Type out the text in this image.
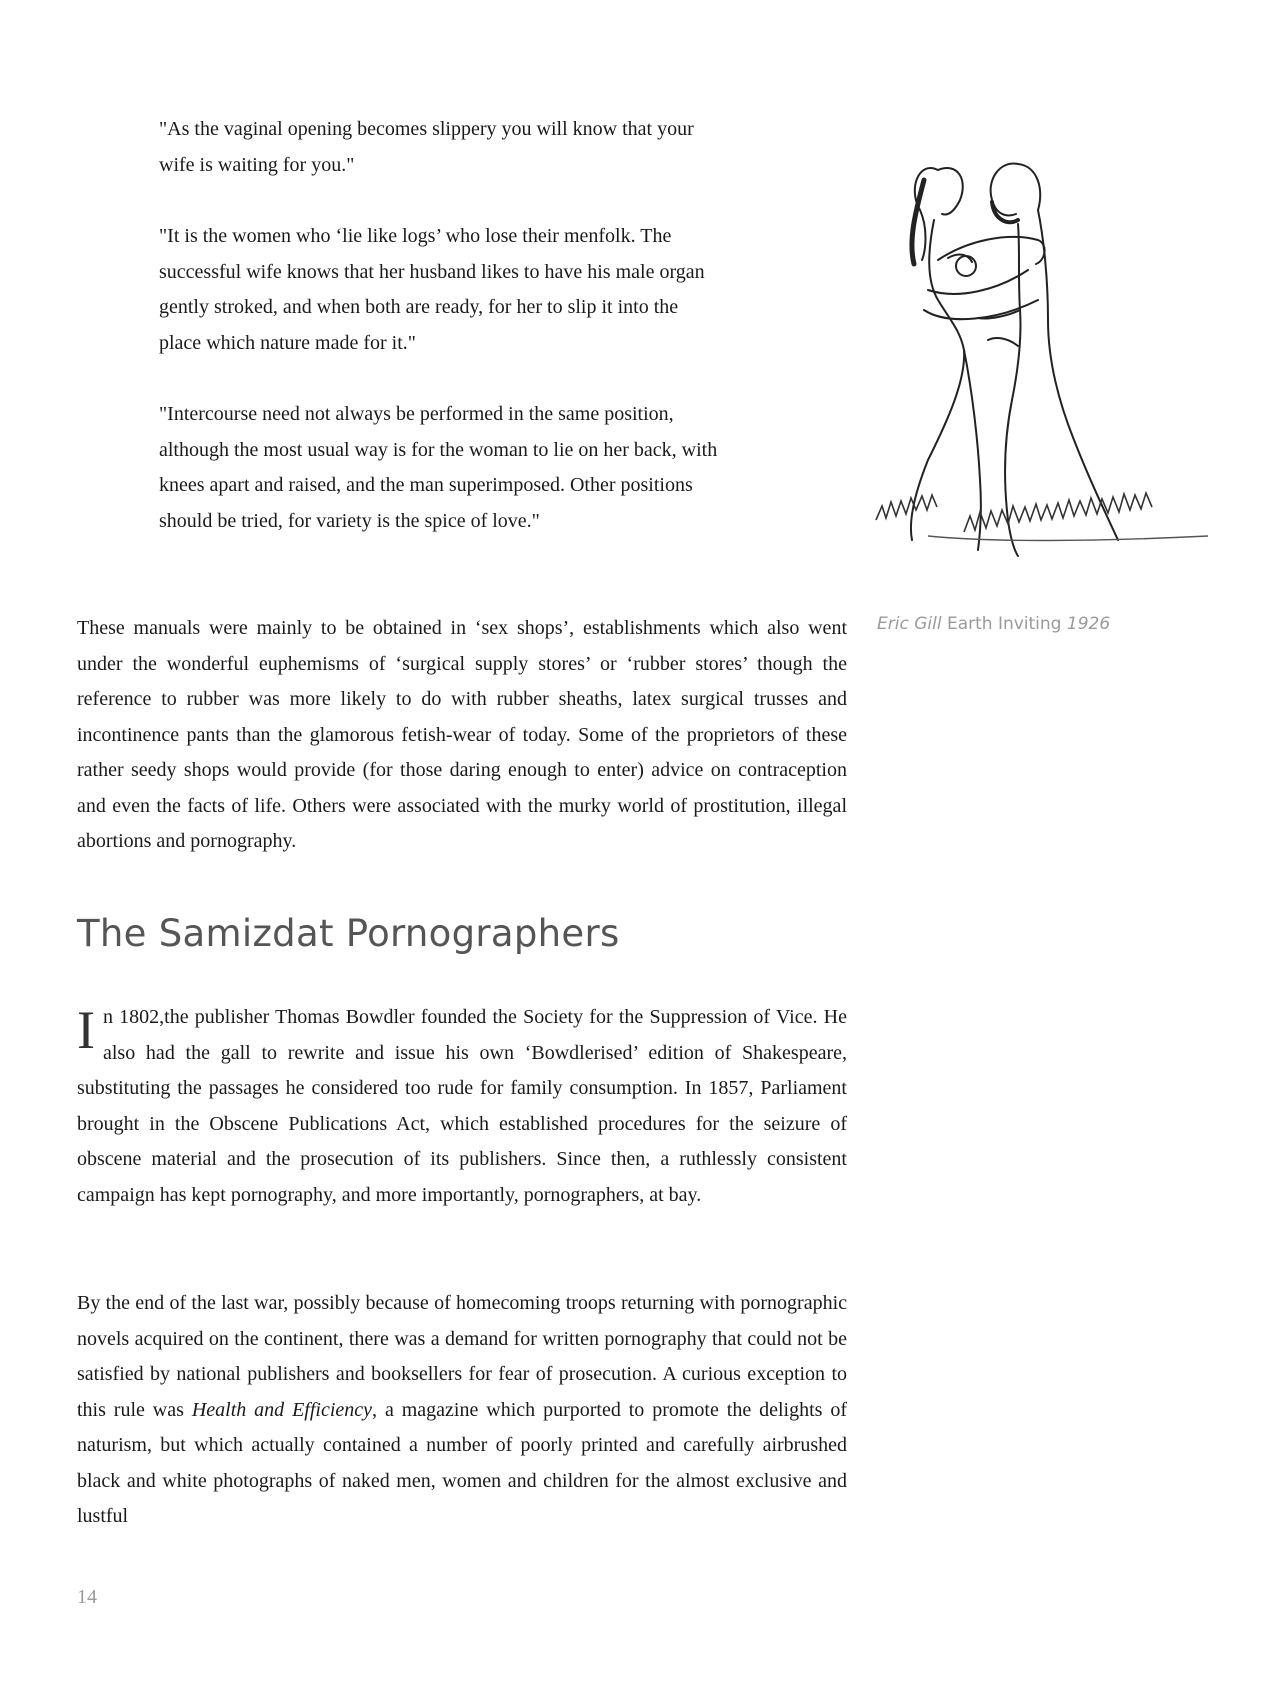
"As the vaginal opening becomes slippery you will know that your wife is waiting for you."

"It is the women who ‘lie like logs’ who lose their menfolk. The successful wife knows that her husband likes to have his male organ gently stroked, and when both are ready, for her to slip it into the place which nature made for it."

"Intercourse need not always be performed in the same position, although the most usual way is for the woman to lie on her back, with knees apart and raised, and the man superimposed. Other positions should be tried, for variety is the spice of love."

Eric Gill Earth Inviting 1926

These manuals were mainly to be obtained in ‘sex shops’, establishments which also went under the wonderful euphemisms of ‘surgical supply stores’ or ‘rubber stores’ though the reference to rubber was more likely to do with rubber sheaths, latex surgical trusses and incontinence pants than the glamorous fetish-wear of today. Some of the proprietors of these rather seedy shops would provide (for those daring enough to enter) advice on contraception and even the facts of life. Others were associated with the murky world of prostitution, illegal abortions and pornography.

The Samizdat Pornographers

In 1802,the publisher Thomas Bowdler founded the Society for the Suppression of Vice. He also had the gall to rewrite and issue his own ‘Bowdlerised’ edition of Shakespeare, substituting the passages he considered too rude for family consumption. In 1857, Parliament brought in the Obscene Publications Act, which established procedures for the seizure of obscene material and the prosecution of its publishers. Since then, a ruthlessly consistent campaign has kept pornography, and more importantly, pornographers, at bay.

By the end of the last war, possibly because of homecoming troops returning with pornographic novels acquired on the continent, there was a demand for written pornography that could not be satisfied by national publishers and booksellers for fear of prosecution. A curious exception to this rule was Health and Efficiency, a magazine which purported to promote the delights of naturism, but which actually contained a number of poorly printed and carefully airbrushed black and white photographs of naked men, women and children for the almost exclusive and lustful

14
